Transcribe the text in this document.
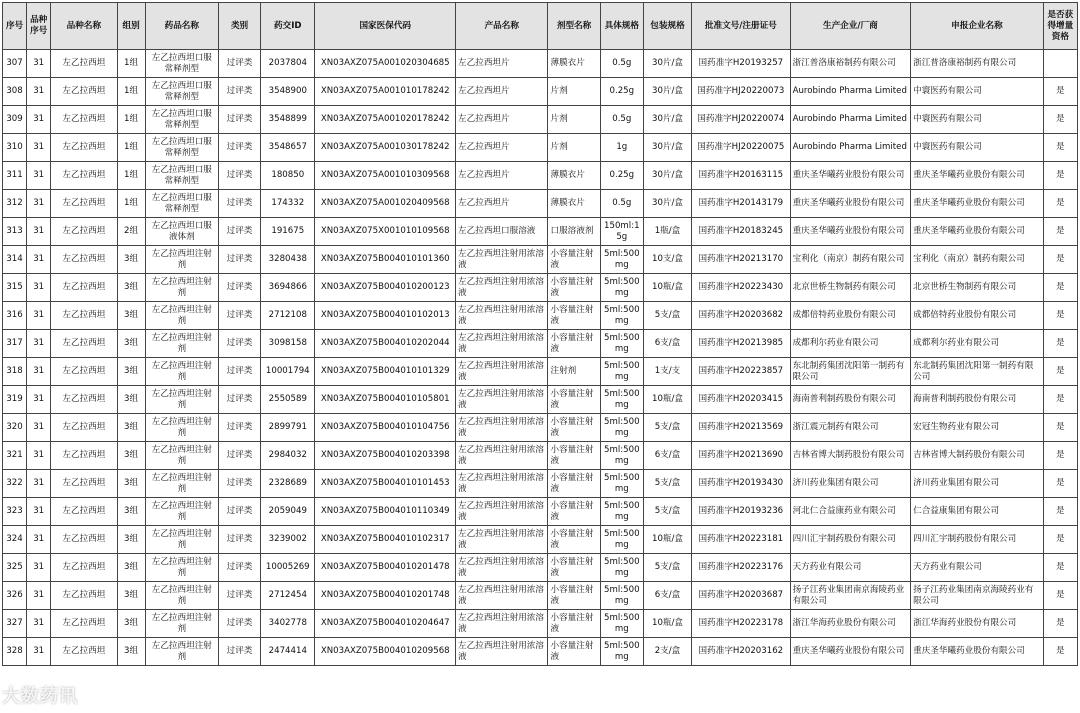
序号	品种序号	品种名称	组别	药品名称	类别	药交ID	国家医保代码	产品名称	剂型名称	具体规格	包装规格	批准文号/注册证号	生产企业/厂商	申报企业名称	是否获得增量资格
307	31	左乙拉西坦	1组	左乙拉西坦口服常释剂型	过评类	2037804	XN03AXZ075A001020304685	左乙拉西坦片	薄膜衣片	0.5g	30片/盒	国药准字H20193257	浙江普洛康裕制药有限公司	浙江普洛康裕制药有限公司	
308	31	左乙拉西坦	1组	左乙拉西坦口服常释剂型	过评类	3548900	XN03AXZ075A001010178242	左乙拉西坦片	片剂	0.25g	30片/盒	国药准字HJ20220073	Aurobindo Pharma Limited	中寰医药有限公司	是
309	31	左乙拉西坦	1组	左乙拉西坦口服常释剂型	过评类	3548899	XN03AXZ075A001020178242	左乙拉西坦片	片剂	0.5g	30片/盒	国药准字HJ20220074	Aurobindo Pharma Limited	中寰医药有限公司	是
310	31	左乙拉西坦	1组	左乙拉西坦口服常释剂型	过评类	3548657	XN03AXZ075A001030178242	左乙拉西坦片	片剂	1g	30片/盒	国药准字HJ20220075	Aurobindo Pharma Limited	中寰医药有限公司	是
311	31	左乙拉西坦	1组	左乙拉西坦口服常释剂型	过评类	180850	XN03AXZ075A001010309568	左乙拉西坦片	薄膜衣片	0.25g	30片/盒	国药准字H20163115	重庆圣华曦药业股份有限公司	重庆圣华曦药业股份有限公司	是
312	31	左乙拉西坦	1组	左乙拉西坦口服常释剂型	过评类	174332	XN03AXZ075A001020409568	左乙拉西坦片	薄膜衣片	0.5g	30片/盒	国药准字H20143179	重庆圣华曦药业股份有限公司	重庆圣华曦药业股份有限公司	是
313	31	左乙拉西坦	2组	左乙拉西坦口服液体剂	过评类	191675	XN03AXZ075X001010109568	左乙拉西坦口服溶液	口服溶液剂	150ml:15g	1瓶/盒	国药准字H20183245	重庆圣华曦药业股份有限公司	重庆圣华曦药业股份有限公司	是
314	31	左乙拉西坦	3组	左乙拉西坦注射剂	过评类	3280438	XN03AXZ075B004010101360	左乙拉西坦注射用浓溶液	小容量注射液	5ml:500mg	10支/盒	国药准字H20213170	宝利化（南京）制药有限公司	宝利化（南京）制药有限公司	是
315	31	左乙拉西坦	3组	左乙拉西坦注射剂	过评类	3694866	XN03AXZ075B004010200123	左乙拉西坦注射用浓溶液	小容量注射液	5ml:500mg	10瓶/盒	国药准字H20223430	北京世桥生物制药有限公司	北京世桥生物制药有限公司	是
316	31	左乙拉西坦	3组	左乙拉西坦注射剂	过评类	2712108	XN03AXZ075B004010102013	左乙拉西坦注射用浓溶液	小容量注射液	5ml:500mg	5支/盒	国药准字H20203682	成都倍特药业股份有限公司	成都倍特药业股份有限公司	是
317	31	左乙拉西坦	3组	左乙拉西坦注射剂	过评类	3098158	XN03AXZ075B004010202044	左乙拉西坦注射用浓溶液	小容量注射液	5ml:500mg	6支/盒	国药准字H20213985	成都利尔药业有限公司	成都利尔药业有限公司	是
318	31	左乙拉西坦	3组	左乙拉西坦注射剂	过评类	10001794	XN03AXZ075B004010101329	左乙拉西坦注射用浓溶液	注射剂	5ml:500mg	1支/支	国药准字H20223857	东北制药集团沈阳第一制药有限公司	东北制药集团沈阳第一制药有限公司	是
319	31	左乙拉西坦	3组	左乙拉西坦注射剂	过评类	2550589	XN03AXZ075B004010105801	左乙拉西坦注射用浓溶液	小容量注射液	5ml:500mg	10瓶/盒	国药准字H20203415	海南普利制药股份有限公司	海南普利制药股份有限公司	是
320	31	左乙拉西坦	3组	左乙拉西坦注射剂	过评类	2899791	XN03AXZ075B004010104756	左乙拉西坦注射用浓溶液	小容量注射液	5ml:500mg	5支/盒	国药准字H20213569	浙江震元制药有限公司	宏冠生物药业有限公司	是
321	31	左乙拉西坦	3组	左乙拉西坦注射剂	过评类	2984032	XN03AXZ075B004010203398	左乙拉西坦注射用浓溶液	小容量注射液	5ml:500mg	6支/盒	国药准字H20213690	吉林省博大制药股份有限公司	吉林省博大制药股份有限公司	是
322	31	左乙拉西坦	3组	左乙拉西坦注射剂	过评类	2328689	XN03AXZ075B004010101453	左乙拉西坦注射用浓溶液	小容量注射液	5ml:500mg	5支/盒	国药准字H20193430	济川药业集团有限公司	济川药业集团有限公司	是
323	31	左乙拉西坦	3组	左乙拉西坦注射剂	过评类	2059049	XN03AXZ075B004010110349	左乙拉西坦注射用浓溶液	小容量注射液	5ml:500mg	5支/盒	国药准字H20193236	河北仁合益康药业有限公司	仁合益康集团有限公司	是
324	31	左乙拉西坦	3组	左乙拉西坦注射剂	过评类	3239002	XN03AXZ075B004010102317	左乙拉西坦注射用浓溶液	小容量注射液	5ml:500mg	10瓶/盒	国药准字H20223181	四川汇宇制药股份有限公司	四川汇宇制药股份有限公司	是
325	31	左乙拉西坦	3组	左乙拉西坦注射剂	过评类	10005269	XN03AXZ075B004010201478	左乙拉西坦注射用浓溶液	小容量注射液	5ml:500mg	5支/盒	国药准字H20223176	天方药业有限公司	天方药业有限公司	是
326	31	左乙拉西坦	3组	左乙拉西坦注射剂	过评类	2712454	XN03AXZ075B004010201748	左乙拉西坦注射用浓溶液	小容量注射液	5ml:500mg	6支/盒	国药准字H20203687	扬子江药业集团南京海陵药业有限公司	扬子江药业集团南京海陵药业有限公司	是
327	31	左乙拉西坦	3组	左乙拉西坦注射剂	过评类	3402778	XN03AXZ075B004010204647	左乙拉西坦注射用浓溶液	小容量注射液	5ml:500mg	10瓶/盒	国药准字H20223178	浙江华海药业股份有限公司	浙江华海药业股份有限公司	是
328	31	左乙拉西坦	3组	左乙拉西坦注射剂	过评类	2474414	XN03AXZ075B004010209568	左乙拉西坦注射用浓溶液	小容量注射液	5ml:500mg	2支/盒	国药准字H20203162	重庆圣华曦药业股份有限公司	重庆圣华曦药业股份有限公司	是
大数药讯
